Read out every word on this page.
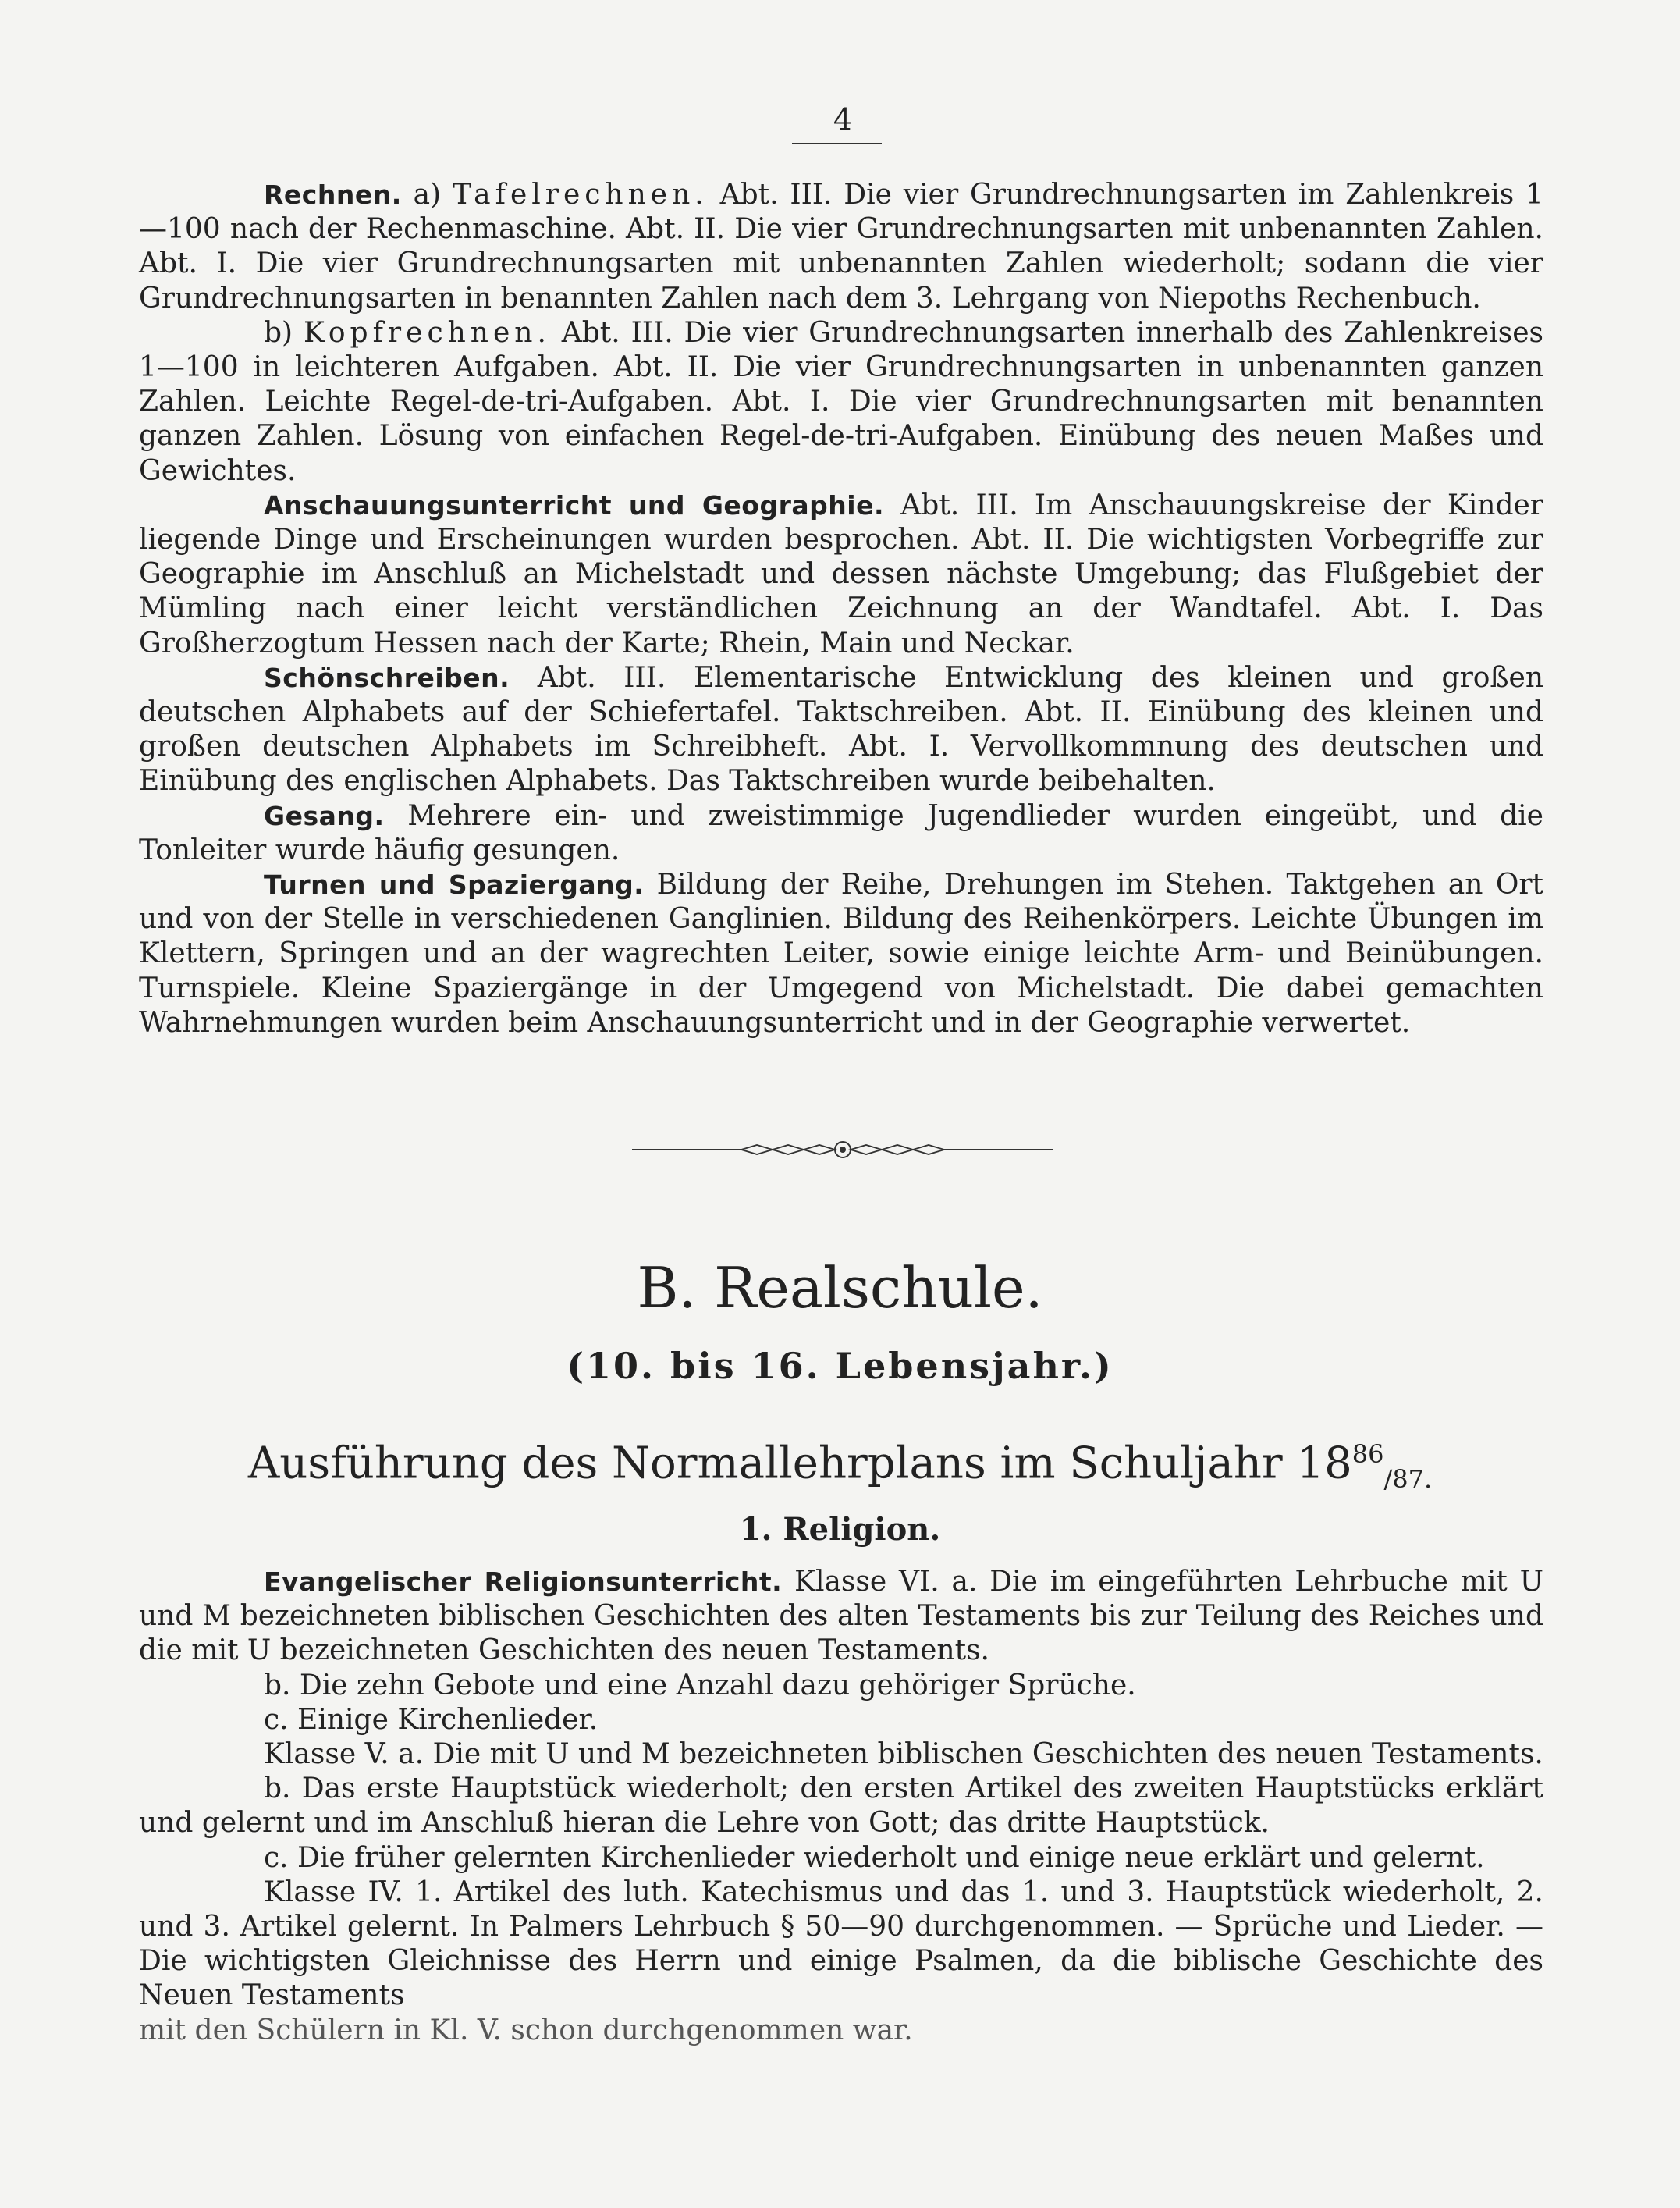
4

Rechnen. a) Tafelrechnen. Abt. III. Die vier Grundrechnungsarten im Zahlenkreis 1—100 nach der Rechenmaschine. Abt. II. Die vier Grundrechnungsarten mit unbenannten Zahlen. Abt. I. Die vier Grundrechnungsarten mit unbenannten Zahlen wiederholt; sodann die vier Grundrechnungsarten in benannten Zahlen nach dem 3. Lehrgang von Niepoths Rechenbuch.

b) Kopfrechnen. Abt. III. Die vier Grundrechnungsarten innerhalb des Zahlenkreises 1—100 in leichteren Aufgaben. Abt. II. Die vier Grundrechnungsarten in unbenannten ganzen Zahlen. Leichte Regel-de-tri-Aufgaben. Abt. I. Die vier Grundrechnungsarten mit benannten ganzen Zahlen. Lösung von einfachen Regel-de-tri-Aufgaben. Einübung des neuen Maßes und Gewichtes.

Anschauungsunterricht und Geographie. Abt. III. Im Anschauungskreise der Kinder liegende Dinge und Erscheinungen wurden besprochen. Abt. II. Die wichtigsten Vorbegriffe zur Geographie im Anschluß an Michelstadt und dessen nächste Umgebung; das Flußgebiet der Mümling nach einer leicht verständlichen Zeichnung an der Wandtafel. Abt. I. Das Großherzogtum Hessen nach der Karte; Rhein, Main und Neckar.

Schönschreiben. Abt. III. Elementarische Entwicklung des kleinen und großen deutschen Alphabets auf der Schiefertafel. Taktschreiben. Abt. II. Einübung des kleinen und großen deutschen Alphabets im Schreibheft. Abt. I. Vervollkommnung des deutschen und Einübung des englischen Alphabets. Das Taktschreiben wurde beibehalten.

Gesang. Mehrere ein- und zweistimmige Jugendlieder wurden eingeübt, und die Tonleiter wurde häufig gesungen.

Turnen und Spaziergang. Bildung der Reihe, Drehungen im Stehen. Taktgehen an Ort und von der Stelle in verschiedenen Ganglinien. Bildung des Reihenkörpers. Leichte Übungen im Klettern, Springen und an der wagrechten Leiter, sowie einige leichte Arm- und Beinübungen. Turnspiele. Kleine Spaziergänge in der Umgegend von Michelstadt. Die dabei gemachten Wahrnehmungen wurden beim Anschauungsunterricht und in der Geographie verwertet.

B. Realschule.
(10. bis 16. Lebensjahr.)
Ausführung des Normallehrplans im Schuljahr $18^{86}_{/87.}$
1. Religion.

Evangelischer Religionsunterricht. Klasse VI. a. Die im eingeführten Lehrbuche mit U und M bezeichneten biblischen Geschichten des alten Testaments bis zur Teilung des Reiches und die mit U bezeichneten Geschichten des neuen Testaments.

b. Die zehn Gebote und eine Anzahl dazu gehöriger Sprüche.

c. Einige Kirchenlieder.

Klasse V. a. Die mit U und M bezeichneten biblischen Geschichten des neuen Testaments.

b. Das erste Hauptstück wiederholt; den ersten Artikel des zweiten Hauptstücks erklärt und gelernt und im Anschluß hieran die Lehre von Gott; das dritte Hauptstück.

c. Die früher gelernten Kirchenlieder wiederholt und einige neue erklärt und gelernt.

Klasse IV. 1. Artikel des luth. Katechismus und das 1. und 3. Hauptstück wiederholt, 2. und 3. Artikel gelernt. In Palmers Lehrbuch § 50—90 durchgenommen. — Sprüche und Lieder. — Die wichtigsten Gleichnisse des Herrn und einige Psalmen, da die biblische Geschichte des Neuen Testaments

mit den Schülern in Kl. V. schon durchgenommen war.
